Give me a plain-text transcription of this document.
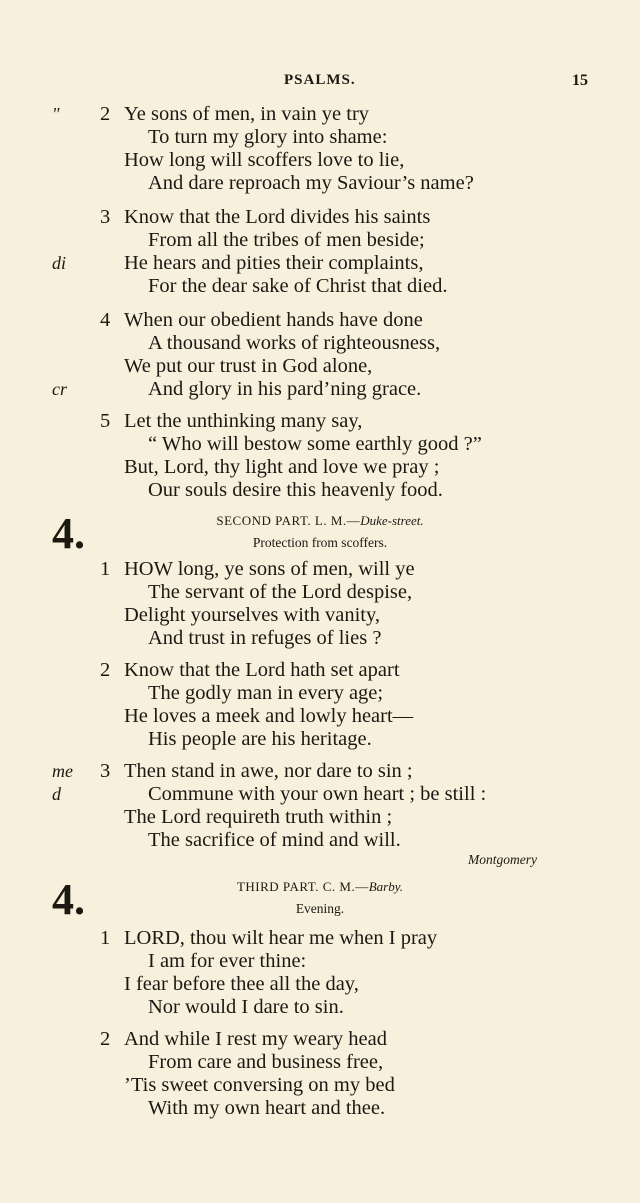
PSALMS.	15
" 2 Ye sons of men, in vain ye try
To turn my glory into shame:
How long will scoffers love to lie,
And dare reproach my Saviour’s name?
3 Know that the Lord divides his saints
From all the tribes of men beside;
di	He hears and pities their complaints,
For the dear sake of Christ that died.
4 When our obedient hands have done
A thousand works of righteousness,
We put our trust in God alone,
cr	And glory in his pard’ning grace.
5 Let the unthinking many say,
“ Who will bestow some earthly good ?”
But, Lord, thy light and love we pray ;
Our souls desire this heavenly food.
4.	SECOND PART. L. M.—Duke-street.
Protection from scoffers.
1 HOW long, ye sons of men, will ye
The servant of the Lord despise,
Delight yourselves with vanity,
And trust in refuges of lies ?
2 Know that the Lord hath set apart
The godly man in every age;
He loves a meek and lowly heart—
His people are his heritage.
me 3 Then stand in awe, nor dare to sin ;
d	Commune with your own heart ; be still :
The Lord requireth truth within ;
The sacrifice of mind and will.
Montgomery
4.	THIRD PART. C. M.—Barby.
Evening.
1 LORD, thou wilt hear me when I pray
I am for ever thine:
I fear before thee all the day,
Nor would I dare to sin.
2 And while I rest my weary head
From care and business free,
’Tis sweet conversing on my bed
With my own heart and thee.
